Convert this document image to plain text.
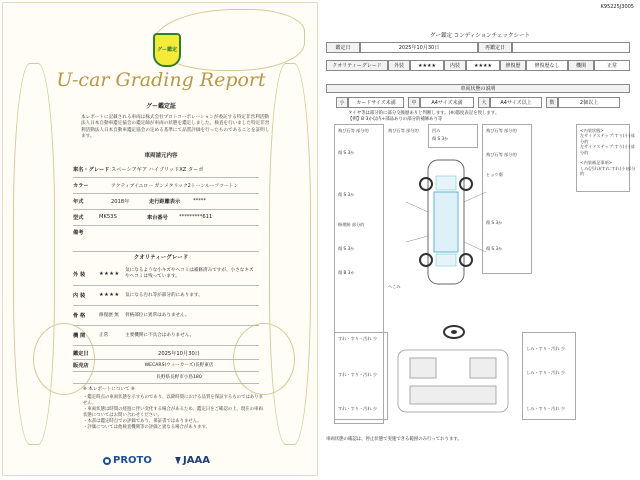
グー鑑定
U-car Grading Report
グー鑑定証
本レポートに記載される車両は株式会社プロトコーポレーションが委託する特定非営利活動法人日本自動車鑑定協会の鑑定師が車両の状態を鑑定しました。検査を行いました特定非営利活動法人日本自動車鑑定協会の定める基準にて品質評価を行ったものであることを証明します。
車両請元内容
車名・グレード スペーシアギア ハイブリッドXZ ターボ
カラー	アクティブイエロー ガンメタリック2トーンルーフツートン
年式	2018年	走行距離表示	*****
型式	MK53S	車台番号	*********611
備考
クオリティーグレード
外 装	★★★★
気になるような小キズやヘコミは補修済みですが、小さなキズやヘコミは残っています。
内 装	★★★★	気になる汚れ等が部分的にあります。
骨 格	修復歴 無	骨格部位に異常はありません。
機 関	正常	主要機関に不具合はありません。
鑑定日	2025年10月30日
販売店	WECARS(ウィーカーズ)長野東店
長野県長野市小島180
※ 本レポートについて ※
・鑑定時点の車両状態を示すものであり、以降時間における品質を保証するものではありません。
・車両状態は時間の経過に伴い変化する場合があるため、鑑定日をご確認の上、現在の車両状態についてはお問い合わせください。
・本書は鑑定時点での評価であり、保証書ではありません。
・評価については他検査機関等の評価と異なる場合があります。
PROTO	JAAA
K95225J3005
グー鑑定 コンディションチェックシート
鑑定日	2025年10月30日	再鑑定日
クオリティーグレード	外装	★★★★	内装	★★★★	修復歴	修復歴なし	機関	正常
車両状態の説明
小	カードサイズ未満	中	A4サイズ未満	大	A4サイズ以上	数	2個以上
タイヤ等は部分的に部分交換歴ありと判断します。(※)都度表記を致します。
【例】B 3か以内+部品ありの部分的補修あり等
飛び石等 部分的
傷 S 3か
傷 S 3か
修理跡 部分的
傷 S 3か
傷 B 3か
へこみ
凹み
傷 S 3か
飛び石等 部分的	飛び石等 部分的
飛び石等 部分的
ヒョウ傷
傷 S 3か
傷 S 3か
<内装状態>
左サイドステップ:すり(小)部分的
左サイドステップ:すり(小)部分的

<内装補足事項>
しみ(汚れ)/すれ:すれ(小)部分的
すれ・すり・汚れ 少
しみ・すり・汚れ 少
しみ・すり・汚れ 少
すれ・すり・汚れ 少
すれ・すり・汚れ 少	しみ・すり・汚れ 少
車両状態の確認は、停止状態で実施できる範囲のみ行っております。
